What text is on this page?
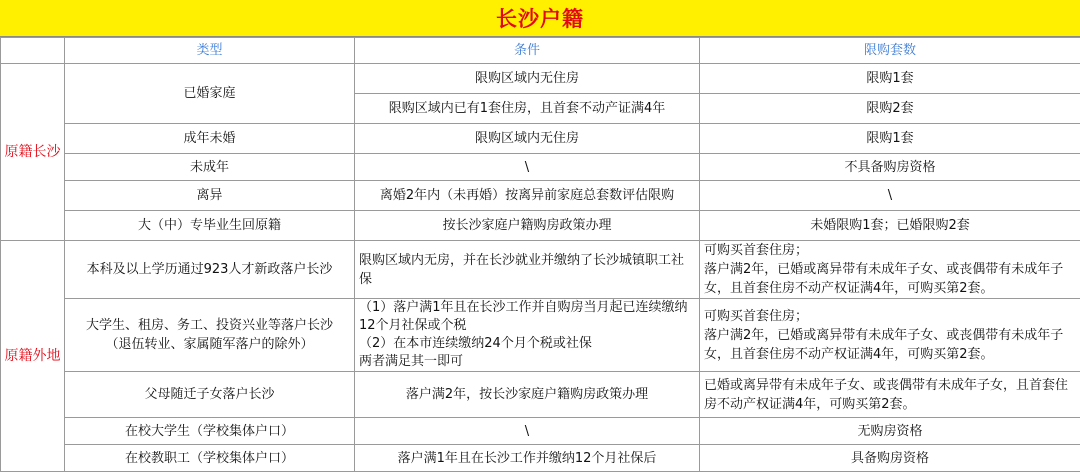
长沙户籍
	类型	条件	限购套数
原籍长沙	已婚家庭	限购区域内无住房	限购1套
		限购区域内已有1套住房，且首套不动产证满4年	限购2套
	成年未婚	限购区域内无住房	限购1套
	未成年	\	不具备购房资格
	离异	离婚2年内（未再婚）按离异前家庭总套数评估限购	\
	大（中）专毕业生回原籍	按长沙家庭户籍购房政策办理	未婚限购1套；已婚限购2套
原籍外地	本科及以上学历通过923人才新政落户长沙	限购区域内无房，并在长沙就业并缴纳了长沙城镇职工社保	可购买首套住房；
落户满2年，已婚或离异带有未成年子女、或丧偶带有未成年子女，且首套住房不动产权证满4年，可购买第2套。
	大学生、租房、务工、投资兴业等落户长沙
（退伍转业、家属随军落户的除外）	（1）落户满1年且在长沙工作并自购房当月起已连续缴纳12个月社保或个税
（2）在本市连续缴纳24个月个税或社保
两者满足其一即可	可购买首套住房；
落户满2年，已婚或离异带有未成年子女、或丧偶带有未成年子女，且首套住房不动产权证满4年，可购买第2套。
	父母随迁子女落户长沙	落户满2年，按长沙家庭户籍购房政策办理	已婚或离异带有未成年子女、或丧偶带有未成年子女，且首套住房不动产权证满4年，可购买第2套。
	在校大学生（学校集体户口）	\	无购房资格
	在校教职工（学校集体户口）	落户满1年且在长沙工作并缴纳12个月社保后	具备购房资格
